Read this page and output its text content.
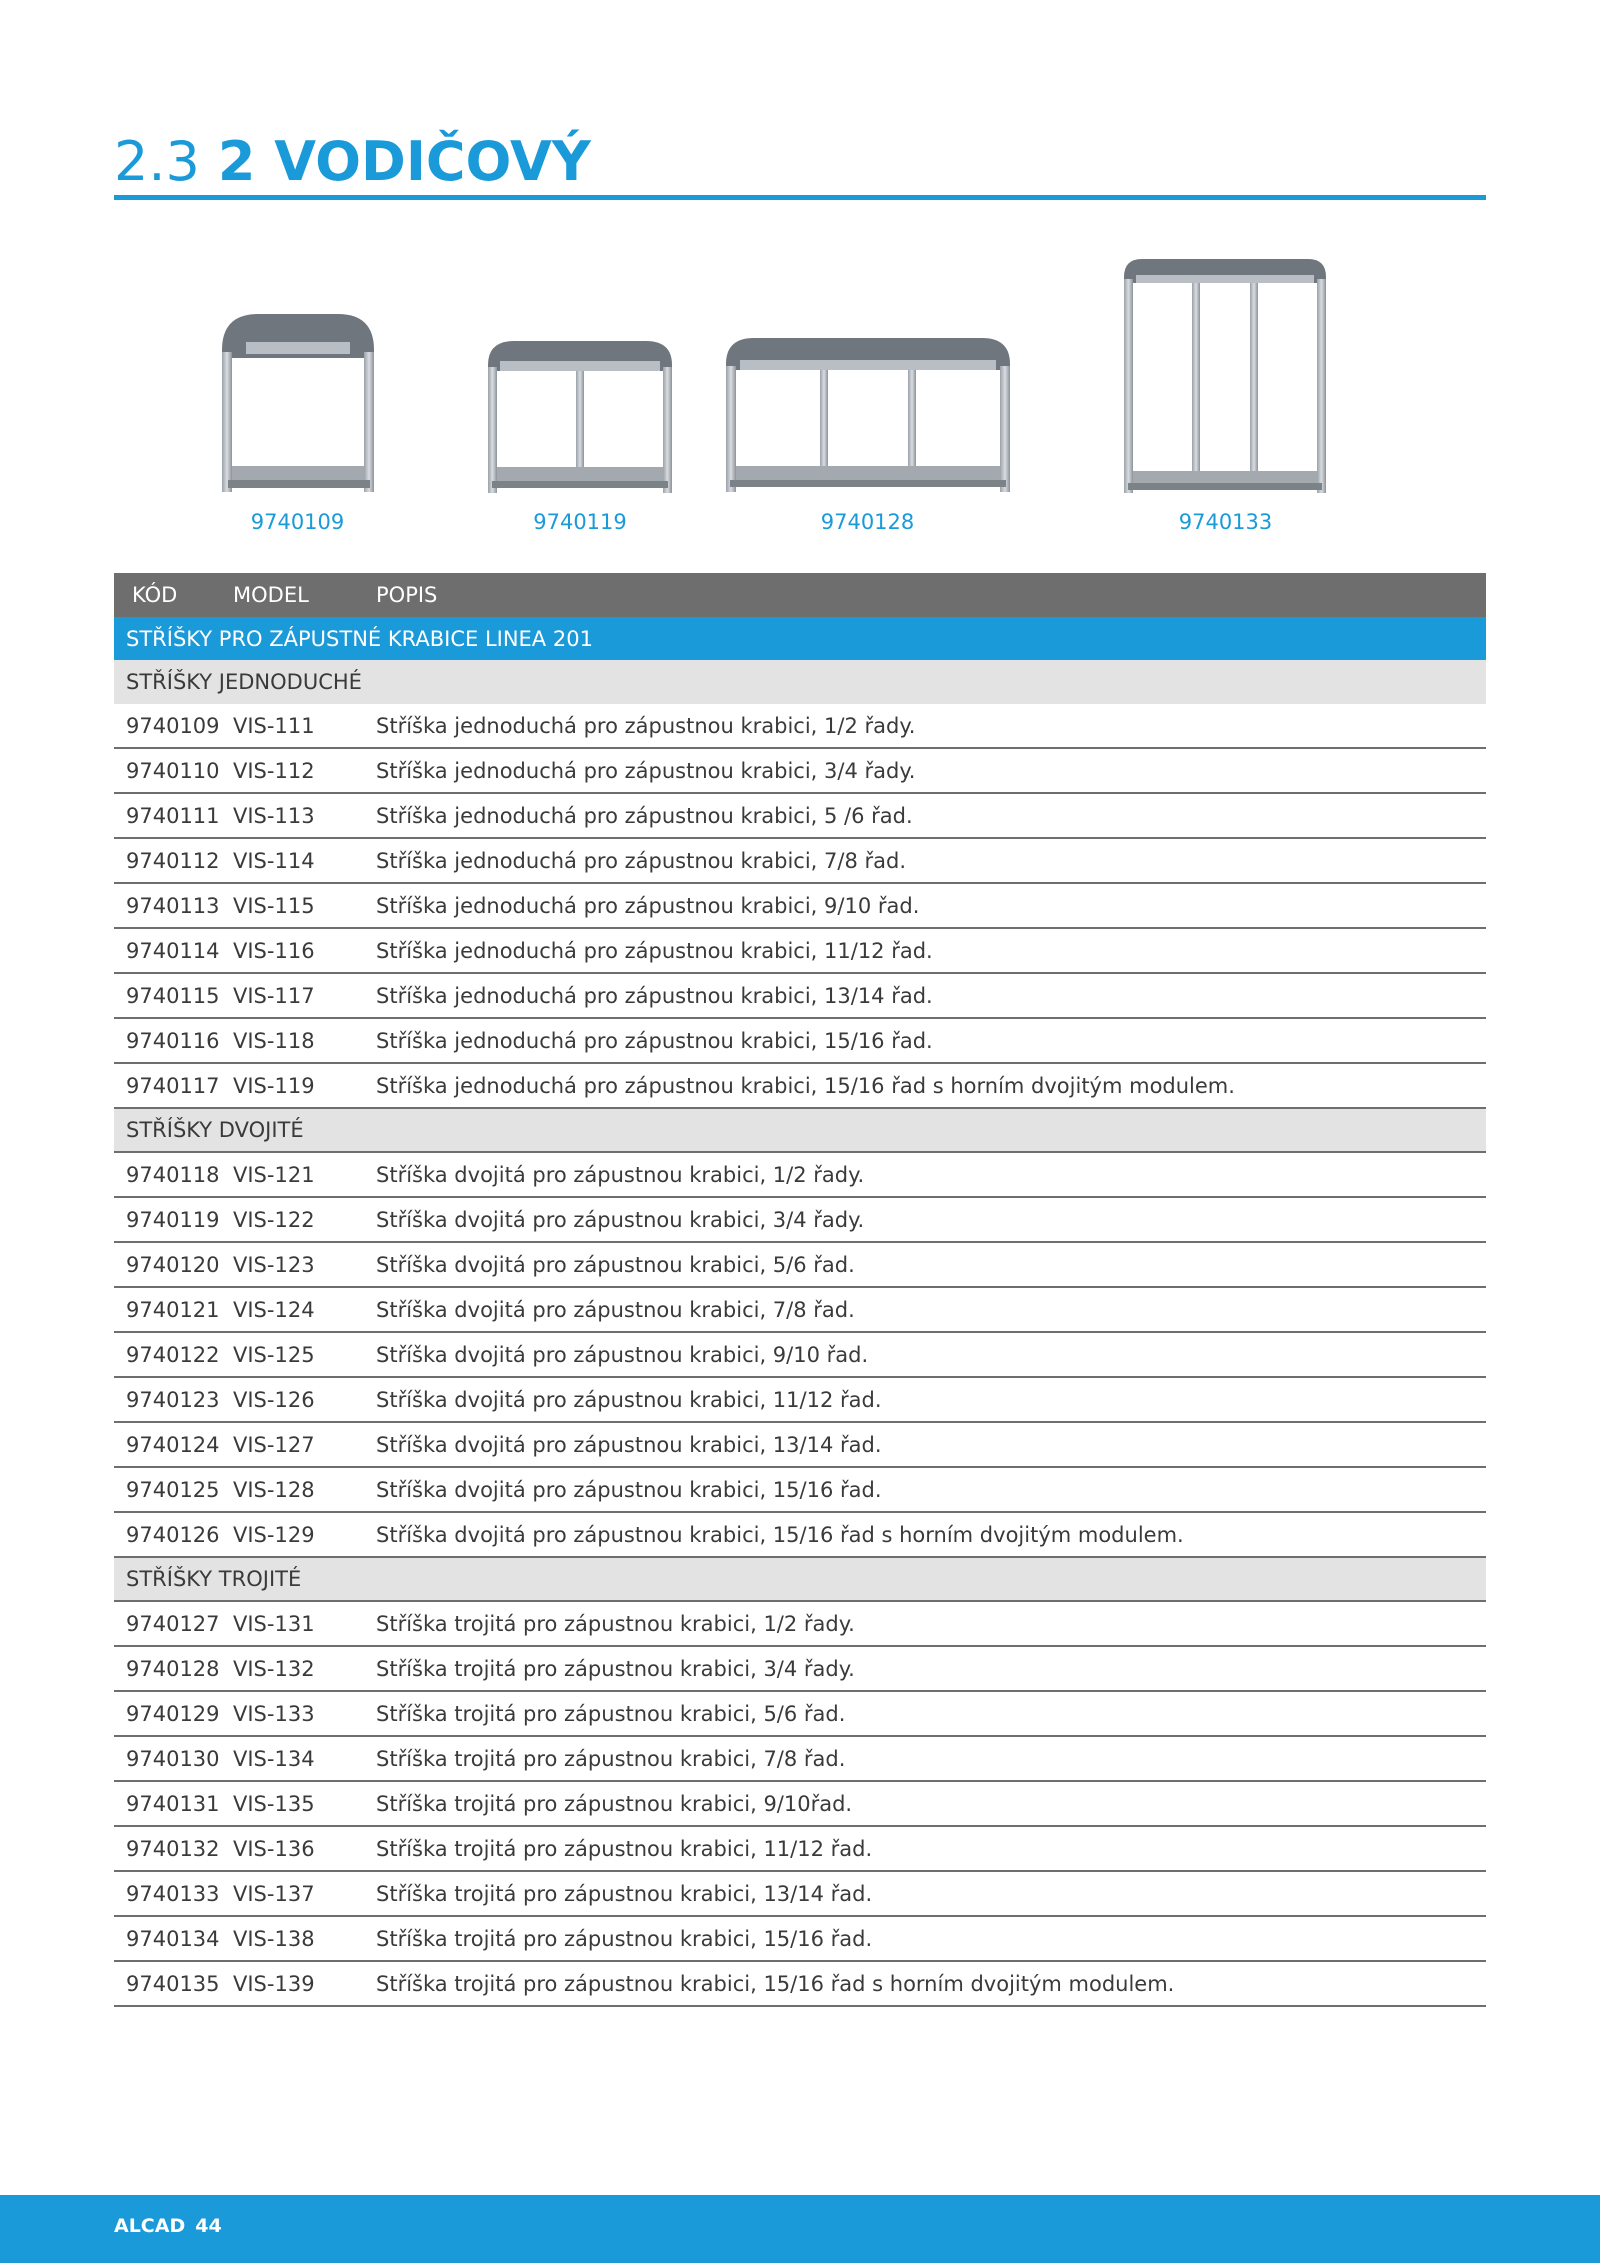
2.3 2 VODIČOVÝ
9740109	9740119	9740128	9740133
KÓD	MODEL	POPIS
STŘÍŠKY PRO ZÁPUSTNÉ KRABICE LINEA 201
STŘÍŠKY JEDNODUCHÉ
9740109 VIS-111	Stříška jednoduchá pro zápustnou krabici, 1/2 řady.
9740110 VIS-112	Stříška jednoduchá pro zápustnou krabici, 3/4 řady.
9740111 VIS-113	Stříška jednoduchá pro zápustnou krabici, 5 /6 řad.
9740112 VIS-114	Stříška jednoduchá pro zápustnou krabici, 7/8 řad.
9740113 VIS-115	Stříška jednoduchá pro zápustnou krabici, 9/10 řad.
9740114 VIS-116	Stříška jednoduchá pro zápustnou krabici, 11/12 řad.
9740115 VIS-117	Stříška jednoduchá pro zápustnou krabici, 13/14 řad.
9740116 VIS-118	Stříška jednoduchá pro zápustnou krabici, 15/16 řad.
9740117 VIS-119	Stříška jednoduchá pro zápustnou krabici, 15/16 řad s horním dvojitým modulem.
STŘÍŠKY DVOJITÉ
9740118 VIS-121	Stříška dvojitá pro zápustnou krabici, 1/2 řady.
9740119 VIS-122	Stříška dvojitá pro zápustnou krabici, 3/4 řady.
9740120 VIS-123	Stříška dvojitá pro zápustnou krabici, 5/6 řad.
9740121 VIS-124	Stříška dvojitá pro zápustnou krabici, 7/8 řad.
9740122 VIS-125	Stříška dvojitá pro zápustnou krabici, 9/10 řad.
9740123 VIS-126	Stříška dvojitá pro zápustnou krabici, 11/12 řad.
9740124 VIS-127	Stříška dvojitá pro zápustnou krabici, 13/14 řad.
9740125 VIS-128	Stříška dvojitá pro zápustnou krabici, 15/16 řad.
9740126 VIS-129	Stříška dvojitá pro zápustnou krabici, 15/16 řad s horním dvojitým modulem.
STŘÍŠKY TROJITÉ
9740127 VIS-131	Stříška trojitá pro zápustnou krabici, 1/2 řady.
9740128 VIS-132	Stříška trojitá pro zápustnou krabici, 3/4 řady.
9740129 VIS-133	Stříška trojitá pro zápustnou krabici, 5/6 řad.
9740130 VIS-134	Stříška trojitá pro zápustnou krabici, 7/8 řad.
9740131 VIS-135	Stříška trojitá pro zápustnou krabici, 9/10řad.
9740132 VIS-136	Stříška trojitá pro zápustnou krabici, 11/12 řad.
9740133 VIS-137	Stříška trojitá pro zápustnou krabici, 13/14 řad.
9740134 VIS-138	Stříška trojitá pro zápustnou krabici, 15/16 řad.
9740135 VIS-139	Stříška trojitá pro zápustnou krabici, 15/16 řad s horním dvojitým modulem.
ALCAD 44
